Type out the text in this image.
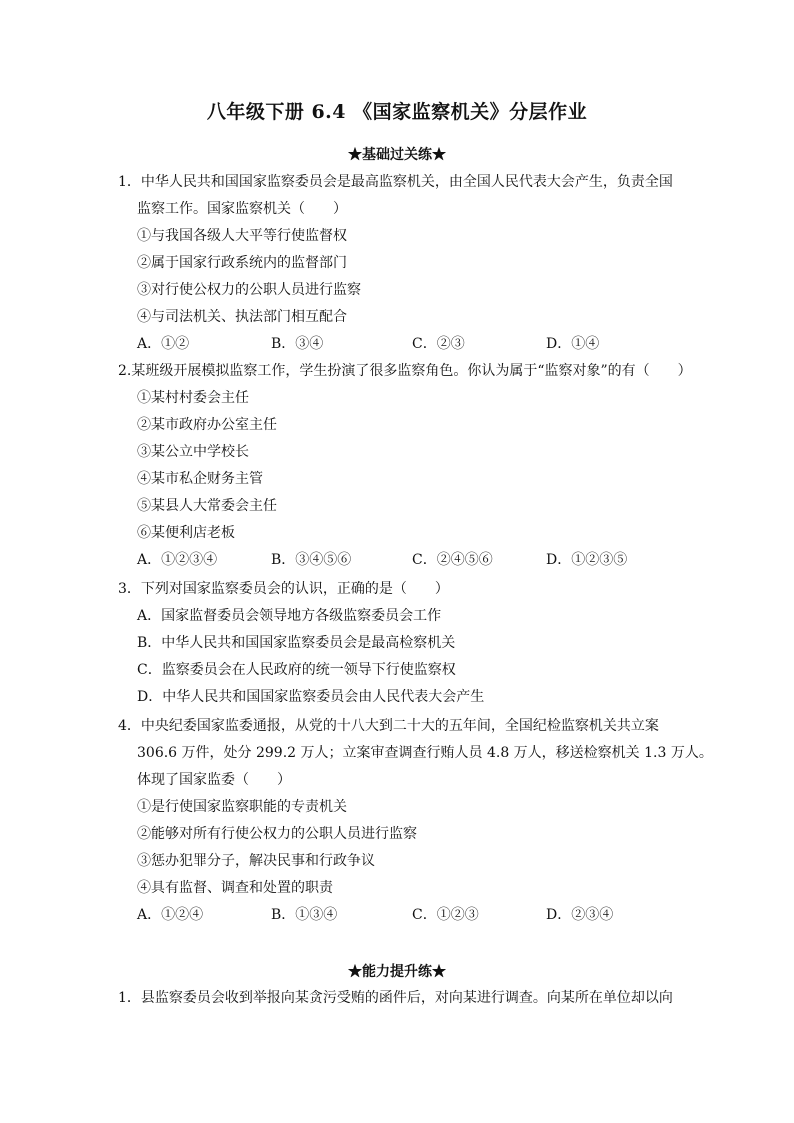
八年级下册 6.4 《国家监察机关》分层作业
★基础过关练★
1．中华人民共和国国家监察委员会是最高监察机关，由全国人民代表大会产生，负责全国
监察工作。国家监察机关（　　）
①与我国各级人大平等行使监督权
②属于国家行政系统内的监督部门
③对行使公权力的公职人员进行监察
④与司法机关、执法部门相互配合
A．①②	B．③④	C．②③	D．①④
2.某班级开展模拟监察工作，学生扮演了很多监察角色。你认为属于“监察对象”的有（　　）
①某村村委会主任
②某市政府办公室主任
③某公立中学校长
④某市私企财务主管
⑤某县人大常委会主任
⑥某便利店老板
A．①②③④	B．③④⑤⑥	C．②④⑤⑥	D．①②③⑤
3．下列对国家监察委员会的认识，正确的是（　　）
A．国家监督委员会领导地方各级监察委员会工作
B．中华人民共和国国家监察委员会是最高检察机关
C．监察委员会在人民政府的统一领导下行使监察权
D．中华人民共和国国家监察委员会由人民代表大会产生
4．中央纪委国家监委通报，从党的十八大到二十大的五年间，全国纪检监察机关共立案
306.6 万件，处分 299.2 万人；立案审查调查行贿人员 4.8 万人，移送检察机关 1.3 万人。
体现了国家监委（　　）
①是行使国家监察职能的专责机关
②能够对所有行使公权力的公职人员进行监察
③惩办犯罪分子，解决民事和行政争议
④具有监督、调查和处置的职责
A．①②④	B．①③④	C．①②③	D．②③④
★能力提升练★
1．县监察委员会收到举报向某贪污受贿的函件后，对向某进行调查。向某所在单位却以向
